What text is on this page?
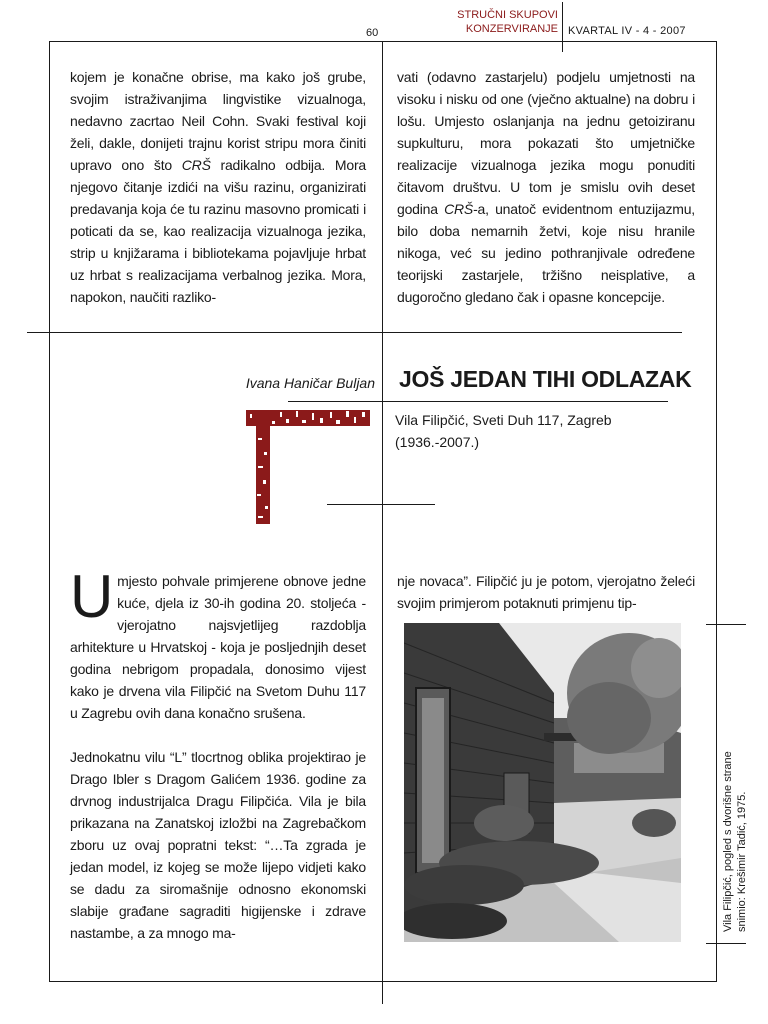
60
STRUČNI SKUPOVI
KONZERVIRANJE KVARTAL IV - 4 - 2007
kojem je konačne obrise, ma kako još grube, svojim istraživanjima lingvistike vizualnoga, nedavno zacrtao Neil Cohn. Svaki festival koji želi, dakle, donijeti trajnu korist stripu mora činiti upravo ono što CRŠ radikalno odbija. Mora njegovo čitanje izdići na višu razinu, organizirati predavanja koja će tu razinu masovno promicati i poticati da se, kao realizacija vizualnoga jezika, strip u knjižarama i bibliotekama pojavljuje hrbat uz hrbat s realizacijama verbalnog jezika. Mora, napokon, naučiti razliko-
vati (odavno zastarjelu) podjelu umjetnosti na visoku i nisku od one (vječno aktualne) na dobru i lošu. Umjesto oslanjanja na jednu getoiziranu supkulturu, mora pokazati što umjetničke realizacije vizualnoga jezika mogu ponuditi čitavom društvu. U tom je smislu ovih deset godina CRŠ-a, unatoč evidentnom entuzijazmu, bilo doba nemarnih žetvi, koje nisu hranile nikoga, već su jedino pothranjivale određene teorijski zastarjele, tržišno neisplative, a dugoročno gledano čak i opasne koncepcije.
Ivana Haničar Buljan JOŠ JEDAN TIHI ODLAZAK
Vila Filipčić, Sveti Duh 117, Zagreb
(1936.-2007.)

Umjesto pohvale primjerene obnove jedne kuće, djela iz 30-ih godina 20. stoljeća - vjerojatno najsvjetlijeg razdoblja arhitekture u Hrvatskoj - koja je posljednjih deset godina nebrigom propadala, donosimo vijest kako je drvena vila Filipčić na Svetom Duhu 117 u Zagrebu ovih dana konačno srušena.

Jednokatnu vilu “L” tlocrtnog oblika projektirao je Drago Ibler s Dragom Galićem 1936. godine za drvnog industrijalca Dragu Filipčića. Vila je bila prikazana na Zanatskoj izložbi na Zagrebačkom zboru uz ovaj popratni tekst: “…Ta zgrada je jedan model, iz kojeg se može lijepo vidjeti kako se dadu za siromašnije odnosno ekonomski slabije građane sagraditi higijenske i zdrave nastambe, a za mnogo ma-

nje novaca”. Filipčić ju je potom, vjerojatno želeći svojim primjerom potaknuti primjenu tip-
Vila Filipčić, pogled s dvorišne strane snimio: Krešimir Tadić, 1975.
